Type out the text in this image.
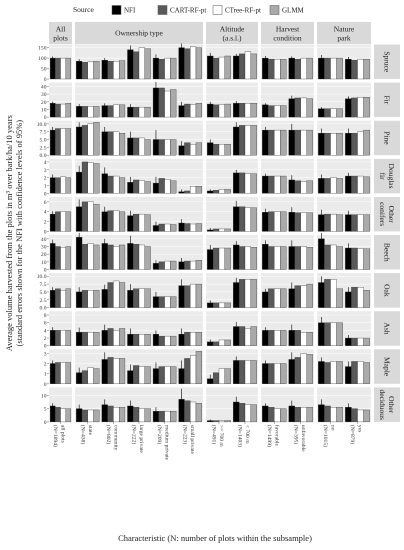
Source	NFI	CART-RF-pt	CTree-RF-pt	GLMM
All
plots
Ownership type	Altitude
(a.s.l.)
Harvest
condition
Nature
park
Spruce
0
50
100
150
Fir
0
10
20
30
40
Pine
0.0
2.5
5.0
7.5
10.0
Douglas
fir
0
1
2
3
4
Other
conifers
0
2
4
6
Beech
0
10
20
30
40
Oak
0.0
2.5
5.0
7.5
10.0
Ash
0
2
4
6
8
Maple
0
1
2
3
Other
deciduous
0
5
10
all plots
(N=1894)	state
(N=438)	community
(N=802)	large private
(N=222)	medium private
(N=209)	small private
(N=223)	>= 700 m
(N=491)	< 700 m
(N=1403)	favorable
(N=1499)	unfavorable
(N=395)	no
(N=1015)	yes
(N=879)
Characteristic (N: number of plots within the subsample)
Average volume harvested from the plots in m³ over bark/ha/10 years (standard errors shown for the NFI with confidence levels of 95%)
